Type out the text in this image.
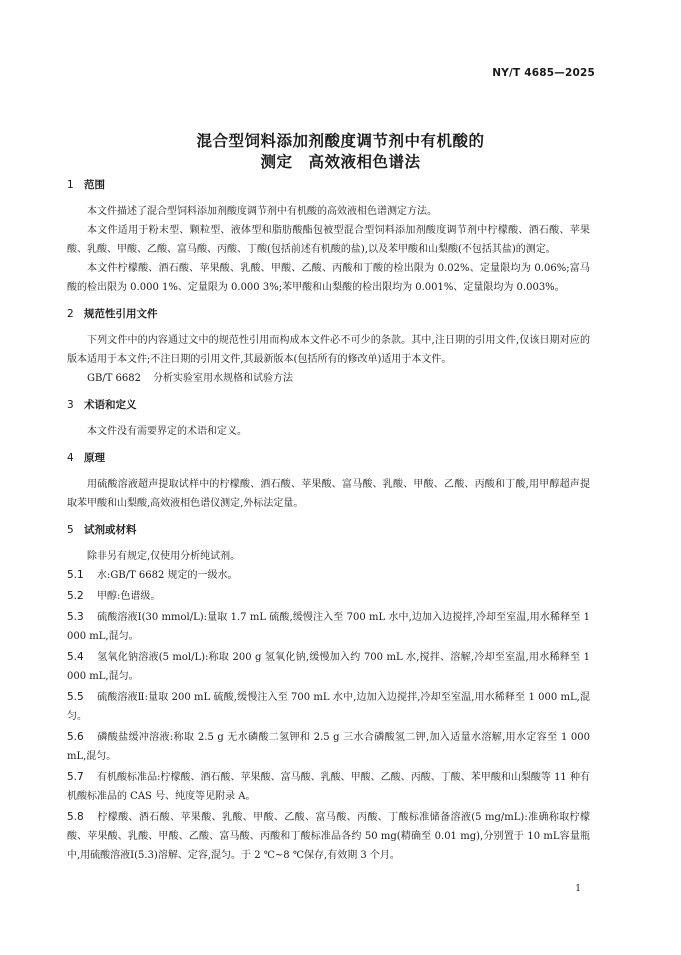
NY/T 4685—2025
混合型饲料添加剂酸度调节剂中有机酸的
测定 高效液相色谱法
1 范围

本文件描述了混合型饲料添加剂酸度调节剂中有机酸的高效液相色谱测定方法。

本文件适用于粉末型、颗粒型、液体型和脂肪酸酯包被型混合型饲料添加剂酸度调节剂中柠檬酸、酒石酸、苹果酸、乳酸、甲酸、乙酸、富马酸、丙酸、丁酸(包括前述有机酸的盐),以及苯甲酸和山梨酸(不包括其盐)的测定。

本文件柠檬酸、酒石酸、苹果酸、乳酸、甲酸、乙酸、丙酸和丁酸的检出限为 0.02%、定量限均为 0.06%;富马酸的检出限为 0.000 1%、定量限为 0.000 3%;苯甲酸和山梨酸的检出限均为 0.001%、定量限均为 0.003%。

2 规范性引用文件

下列文件中的内容通过文中的规范性引用而构成本文件必不可少的条款。其中,注日期的引用文件,仅该日期对应的版本适用于本文件;不注日期的引用文件,其最新版本(包括所有的修改单)适用于本文件。

GB/T 6682 分析实验室用水规格和试验方法

3 术语和定义

本文件没有需要界定的术语和定义。

4 原理

用硫酸溶液超声提取试样中的柠檬酸、酒石酸、苹果酸、富马酸、乳酸、甲酸、乙酸、丙酸和丁酸,用甲醇超声提取苯甲酸和山梨酸,高效液相色谱仪测定,外标法定量。

5 试剂或材料

除非另有规定,仅使用分析纯试剂。

5.1 水:GB/T 6682 规定的一级水。

5.2 甲醇:色谱级。

5.3 硫酸溶液Ⅰ(30 mmol/L):量取 1.7 mL 硫酸,缓慢注入至 700 mL 水中,边加入边搅拌,冷却至室温,用水稀释至 1 000 mL,混匀。

5.4 氢氧化钠溶液(5 mol/L):称取 200 g 氢氧化钠,缓慢加入约 700 mL 水,搅拌、溶解,冷却至室温,用水稀释至 1 000 mL,混匀。

5.5 硫酸溶液Ⅱ:量取 200 mL 硫酸,缓慢注入至 700 mL 水中,边加入边搅拌,冷却至室温,用水稀释至 1 000 mL,混匀。

5.6 磷酸盐缓冲溶液:称取 2.5 g 无水磷酸二氢钾和 2.5 g 三水合磷酸氢二钾,加入适量水溶解,用水定容至 1 000 mL,混匀。

5.7 有机酸标准品:柠檬酸、酒石酸、苹果酸、富马酸、乳酸、甲酸、乙酸、丙酸、丁酸、苯甲酸和山梨酸等 11 种有机酸标准品的 CAS 号、纯度等见附录 A。

5.8 柠檬酸、酒石酸、苹果酸、乳酸、甲酸、乙酸、富马酸、丙酸、丁酸标准储备溶液(5 mg/mL):准确称取柠檬酸、苹果酸、乳酸、甲酸、乙酸、富马酸、丙酸和丁酸标准品各约 50 mg(精确至 0.01 mg),分别置于 10 mL容量瓶中,用硫酸溶液Ⅰ(5.3)溶解、定容,混匀。于 2 ℃~8 ℃保存,有效期 3 个月。

1
